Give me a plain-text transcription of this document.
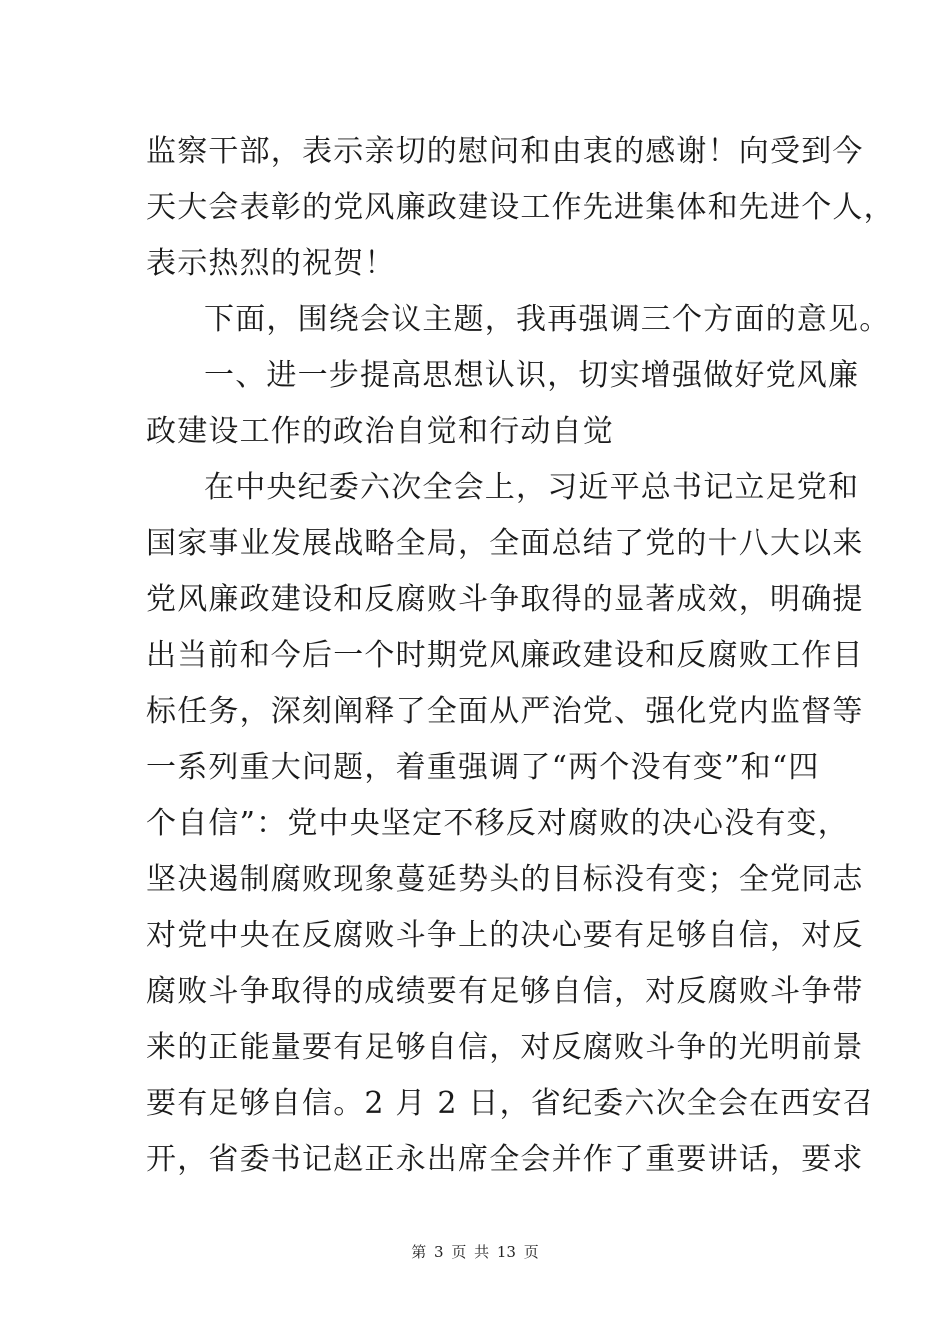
监察干部，表示亲切的慰问和由衷的感谢！向受到今
天大会表彰的党风廉政建设工作先进集体和先进个人，
表示热烈的祝贺！
下面，围绕会议主题，我再强调三个方面的意见。
一、进一步提高思想认识，切实增强做好党风廉
政建设工作的政治自觉和行动自觉
在中央纪委六次全会上，习近平总书记立足党和
国家事业发展战略全局，全面总结了党的十八大以来
党风廉政建设和反腐败斗争取得的显著成效，明确提
出当前和今后一个时期党风廉政建设和反腐败工作目
标任务，深刻阐释了全面从严治党、强化党内监督等
一系列重大问题，着重强调了“两个没有变”和“四
个自信”：党中央坚定不移反对腐败的决心没有变，
坚决遏制腐败现象蔓延势头的目标没有变；全党同志
对党中央在反腐败斗争上的决心要有足够自信，对反
腐败斗争取得的成绩要有足够自信，对反腐败斗争带
来的正能量要有足够自信，对反腐败斗争的光明前景
要有足够自信。2 月 2 日，省纪委六次全会在西安召
开，省委书记赵正永出席全会并作了重要讲话，要求
第 3 页 共 13 页
